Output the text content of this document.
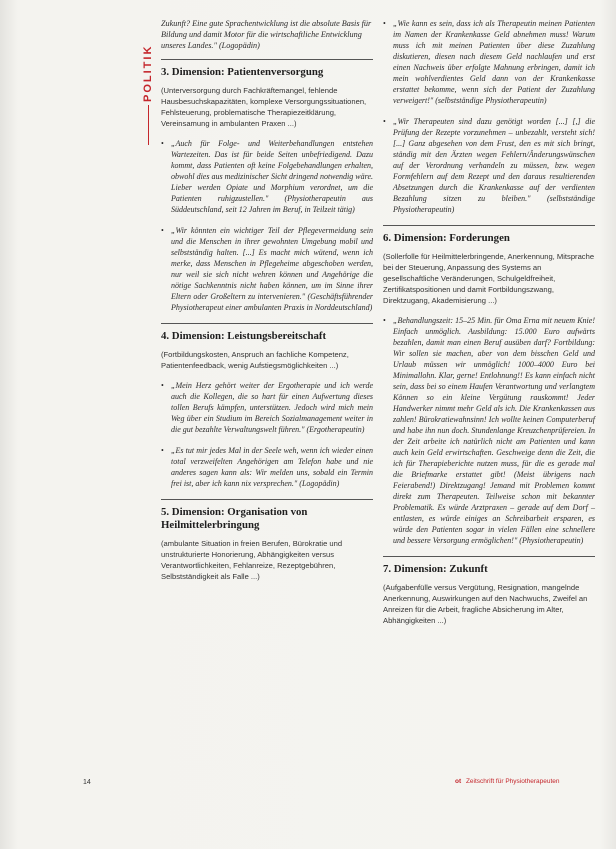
POLITIK

Zukunft? Eine gute Sprachentwicklung ist die absolute Basis für Bildung und damit Motor für die wirtschaftliche Entwicklung unseres Landes." (Logopädin)

3. Dimension: Patientenversorgung

(Unterversorgung durch Fachkräftemangel, fehlende Hausbesuchskapazitäten, komplexe Versorgungssituationen, Fehlsteuerung, problematische Therapiezeitklärung, Vereinsamung in ambulanten Praxen ...)

• „Auch für Folge- und Weiterbehandlungen entstehen Wartezeiten. Das ist für beide Seiten unbefriedigend. Dazu kommt, dass Patienten oft keine Folgebehandlungen erhalten, obwohl dies aus medizinischer Sicht dringend notwendig wäre. Lieber werden Opiate und Morphium verordnet, um die Patienten ruhigzustellen." (Physiotherapeutin aus Süddeutschland, seit 12 Jahren im Beruf, in Teilzeit tätig)

• „Wir könnten ein wichtiger Teil der Pflegevermeidung sein und die Menschen in ihrer gewohnten Umgebung mobil und selbstständig halten. [...] Es macht mich wütend, wenn ich merke, dass Menschen in Pflegeheime abgeschoben werden, nur weil sie sich nicht wehren können und Angehörige die nötige Sachkenntnis nicht haben können, um im Sinne ihrer Eltern oder Großeltern zu intervenieren." (Geschäftsführender Physiotherapeut einer ambulanten Praxis in Norddeutschland)

4. Dimension: Leistungsbereitschaft

(Fortbildungskosten, Anspruch an fachliche Kompetenz, Patientenfeedback, wenig Aufstiegsmöglichkeiten ...)

• „Mein Herz gehört weiter der Ergotherapie und ich werde auch die Kollegen, die so hart für einen Aufwertung dieses tollen Berufs kämpfen, unterstützen. Jedoch wird mich mein Weg über ein Studium im Bereich Sozialmanagement weiter in die gut bezahlte Verwaltungswelt führen." (Ergotherapeutin)

• „Es tut mir jedes Mal in der Seele weh, wenn ich wieder einen total verzweifelten Angehörigen am Telefon habe und nie anderes sagen kann als: Wir melden uns, sobald ein Termin frei ist, aber ich kann nix versprechen." (Logopädin)

5. Dimension: Organisation von Heilmittelerbringung

(ambulante Situation in freien Berufen, Bürokratie und unstrukturierte Honorierung, Abhängigkeiten versus Verantwortlichkeiten, Fehlanreize, Rezeptgebühren, Selbstständigkeit als Falle ...)

• „Wie kann es sein, dass ich als Therapeutin meinen Patienten im Namen der Krankenkasse Geld abnehmen muss! Warum muss ich mit meinen Patienten über diese Zuzahlung diskutieren, diesen nach diesem Geld nachlaufen und erst einen Nachweis über erfolgte Mahnung erbringen, damit ich mein wohlverdientes Geld dann von der Krankenkasse erstattet bekomme, wenn sich der Patient der Zuzahlung verweigert!" (selbstständige Physiotherapeutin)

• „Wir Therapeuten sind dazu genötigt worden [...] [,] die Prüfung der Rezepte vorzunehmen – unbezahlt, versteht sich! [...] Ganz abgesehen von dem Frust, den es mit sich bringt, ständig mit den Ärzten wegen Fehlern/Änderungswünschen auf der Verordnung verhandeln zu müssen, bzw. wegen Formfehlern auf dem Rezept und den daraus resultierenden Absetzungen durch die Krankenkasse auf der verdienten Bezahlung sitzen zu bleiben." (selbstständige Physiotherapeutin)

6. Dimension: Forderungen

(Sollerfolle für Heilmittelerbringende, Anerkennung, Mitsprache bei der Steuerung, Anpassung des Systems an gesellschaftliche Veränderungen, Schulgeldfreiheit, Zertifikatspositionen und damit Fortbildungszwang, Direktzugang, Akademisierung ...)

• „Behandlungszeit: 15–25 Min. für Oma Erna mit neuem Knie! Einfach unmöglich. Ausbildung: 15.000 Euro aufwärts bezahlen, damit man einen Beruf ausüben darf? Fortbildung: Wir sollen sie machen, aber von dem bisschen Geld und Urlaub müssen wir unmöglich! 1000–4000 Euro bei Minimallohn. Klar, gerne! Entlohnung!! Es kann einfach nicht sein, dass bei so einem Haufen Verantwortung und verlangtem Können so ein kleine Vergütung rauskommt! Jeder Handwerker nimmt mehr Geld als ich. Die Krankenkassen aus zahlen! Bürokratiewahnsinn! Ich wollte keinen Computerberuf und habe ihn nun doch. Stundenlange Kreuzchenprüfereien. In der Zeit arbeite ich natürlich nicht am Patienten und kann auch kein Geld erwirtschaften. Geschweige denn die Zeit, die ich für Therapieberichte nutzen muss, für die es gerade mal die Briefmarke erstattet gibt! (Meist übrigens nach Feierabend!) Direktzugang! Jemand mit Problemen kommt direkt zum Therapeuten. Teilweise schon mit bekannter Problematik. Es würde Arztpraxen – gerade auf dem Dorf – entlasten, es würde einiges an Schreibarbeit ersparen, es würde den Patienten sogar in vielen Fällen eine schnellere und bessere Versorgung ermöglichen!" (Physiotherapeutin)

7. Dimension: Zukunft

(Aufgabenfülle versus Vergütung, Resignation, mangelnde Anerkennung, Auswirkungen auf den Nachwuchs, Zweifel an Anreizen für die Arbeit, fragliche Absicherung im Alter, Abhängigkeiten ...)

14	ot Zeitschrift für Physiotherapeuten
